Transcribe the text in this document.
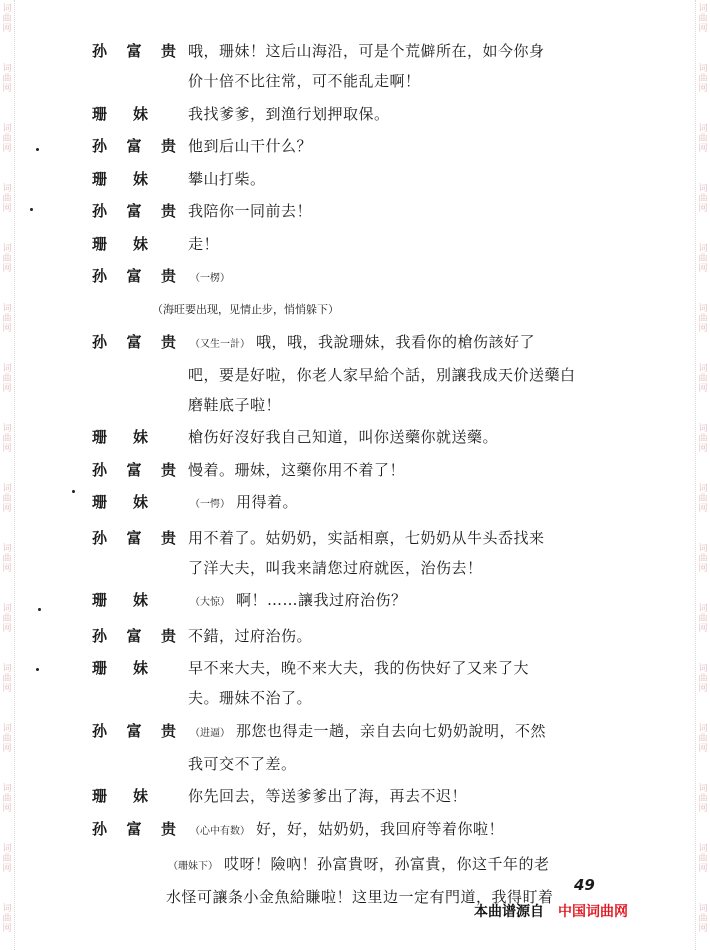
词
曲
网
词
曲
网
词
曲
网
词
曲
网
词
曲
网
词
曲
网
词
曲
网
词
曲
网
词
曲
网
词
曲
网
词
曲
网
词
曲
网
词
曲
网
词
曲
网
词
曲
网
词
曲
网
词
曲
网
词
曲
网
词
曲
网
词
曲
网
词
曲
网
词
曲
网
词
曲
网
词
曲
网
词
曲
网
词
曲
网
词
曲
网
词
曲
网
词
曲
网
词
曲
网
词
曲
网
词
曲
网
孙 富 贵 哦，珊妹！这后山海沿，可是个荒僻所在，如今你身
价十倍不比往常，可不能乱走啊！
珊 妹	我找爹爹，到渔行划押取保。
孙 富 贵 他到后山干什么？
珊 妹	攀山打柴。
孙 富 贵 我陪你一同前去！
珊 妹	走！
孙 富 贵 （一楞）
（海旺要出现，见情止步，悄悄躲下）
孙 富 贵 （又生一計） 哦，哦，我說珊妹，我看你的槍伤該好了
吧，要是好啦，你老人家早給个話，別讓我成天价送藥白
磨鞋底子啦！
珊 妹	槍伤好沒好我自己知道，叫你送藥你就送藥。
孙 富 贵 慢着。珊妹，这藥你用不着了！
珊 妹	（一愕） 用得着。
孙 富 贵 用不着了。姑奶奶，实話相禀，七奶奶从牛头岙找来
了洋大夫，叫我来請您过府就医，治伤去！
珊 妹	（大惊） 啊！……讓我过府治伤？
孙 富 贵 不錯，过府治伤。
珊 妹	早不来大夫，晚不来大夫，我的伤快好了又来了大
夫。珊妹不治了。
孙 富 贵 （进逼） 那您也得走一趟，亲自去向七奶奶說明，不然
我可交不了差。
珊 妹	你先回去，等送爹爹出了海，再去不迟！
孙 富 贵 （心中有数） 好，好，姑奶奶，我回府等着你啦！
（珊妹下） 哎呀！險吶！孙富貴呀，孙富貴，你这千年的老
水怪可讓条小金魚給賺啦！这里边一定有門道，我得盯着
49
本曲谱源自 中国词曲网
